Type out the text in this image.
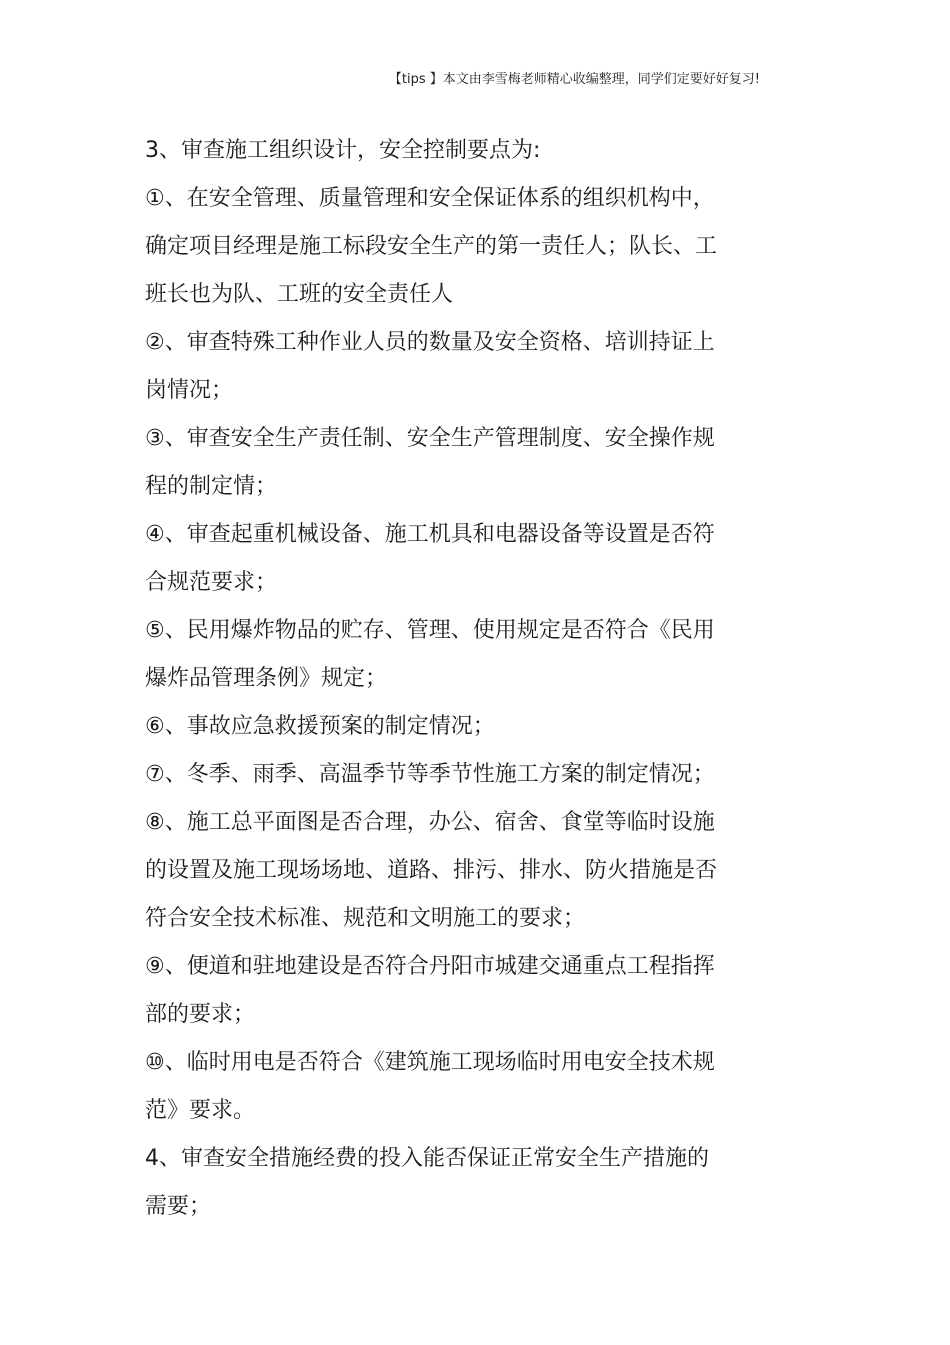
【tips 】本文由李雪梅老师精心收编整理，同学们定要好好复习!
3、审查施工组织设计，安全控制要点为:
①、在安全管理、质量管理和安全保证体系的组织机构中，
确定项目经理是施工标段安全生产的第一责任人；队长、工
班长也为队、工班的安全责任人
②、审查特殊工种作业人员的数量及安全资格、培训持证上
岗情况；
③、审查安全生产责任制、安全生产管理制度、安全操作规
程的制定情；
④、审查起重机械设备、施工机具和电器设备等设置是否符
合规范要求；
⑤、民用爆炸物品的贮存、管理、使用规定是否符合《民用
爆炸品管理条例》规定；
⑥、事故应急救援预案的制定情况；
⑦、冬季、雨季、高温季节等季节性施工方案的制定情况；
⑧、施工总平面图是否合理，办公、宿舍、食堂等临时设施
的设置及施工现场场地、道路、排污、排水、防火措施是否
符合安全技术标准、规范和文明施工的要求；
⑨、便道和驻地建设是否符合丹阳市城建交通重点工程指挥
部的要求；
⑩、临时用电是否符合《建筑施工现场临时用电安全技术规
范》要求。
4、审查安全措施经费的投入能否保证正常安全生产措施的
需要；
